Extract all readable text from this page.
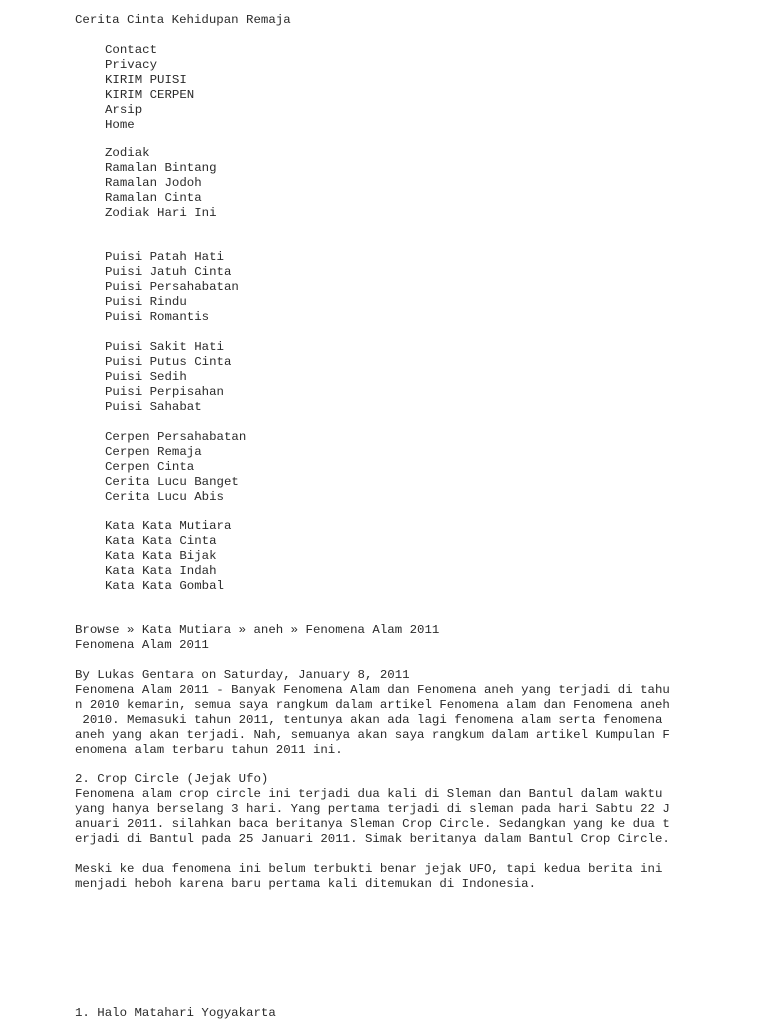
Cerita Cinta Kehidupan Remaja
Contact
Privacy
KIRIM PUISI
KIRIM CERPEN
Arsip
Home
Zodiak
Ramalan Bintang
Ramalan Jodoh
Ramalan Cinta
Zodiak Hari Ini
Puisi Patah Hati
Puisi Jatuh Cinta
Puisi Persahabatan
Puisi Rindu
Puisi Romantis
Puisi Sakit Hati
Puisi Putus Cinta
Puisi Sedih
Puisi Perpisahan
Puisi Sahabat
Cerpen Persahabatan
Cerpen Remaja
Cerpen Cinta
Cerita Lucu Banget
Cerita Lucu Abis
Kata Kata Mutiara
Kata Kata Cinta
Kata Kata Bijak
Kata Kata Indah
Kata Kata Gombal
Browse » Kata Mutiara » aneh » Fenomena Alam 2011
Fenomena Alam 2011
By Lukas Gentara on Saturday, January 8, 2011
Fenomena Alam 2011 - Banyak Fenomena Alam dan Fenomena aneh yang terjadi di tahu
n 2010 kemarin, semua saya rangkum dalam artikel Fenomena alam dan Fenomena aneh
2010. Memasuki tahun 2011, tentunya akan ada lagi fenomena alam serta fenomena
aneh yang akan terjadi. Nah, semuanya akan saya rangkum dalam artikel Kumpulan F
enomena alam terbaru tahun 2011 ini.
2. Crop Circle (Jejak Ufo)
Fenomena alam crop circle ini terjadi dua kali di Sleman dan Bantul dalam waktu
yang hanya berselang 3 hari. Yang pertama terjadi di sleman pada hari Sabtu 22 J
anuari 2011. silahkan baca beritanya Sleman Crop Circle. Sedangkan yang ke dua t
erjadi di Bantul pada 25 Januari 2011. Simak beritanya dalam Bantul Crop Circle.
Meski ke dua fenomena ini belum terbukti benar jejak UFO, tapi kedua berita ini
menjadi heboh karena baru pertama kali ditemukan di Indonesia.
1. Halo Matahari Yogyakarta
